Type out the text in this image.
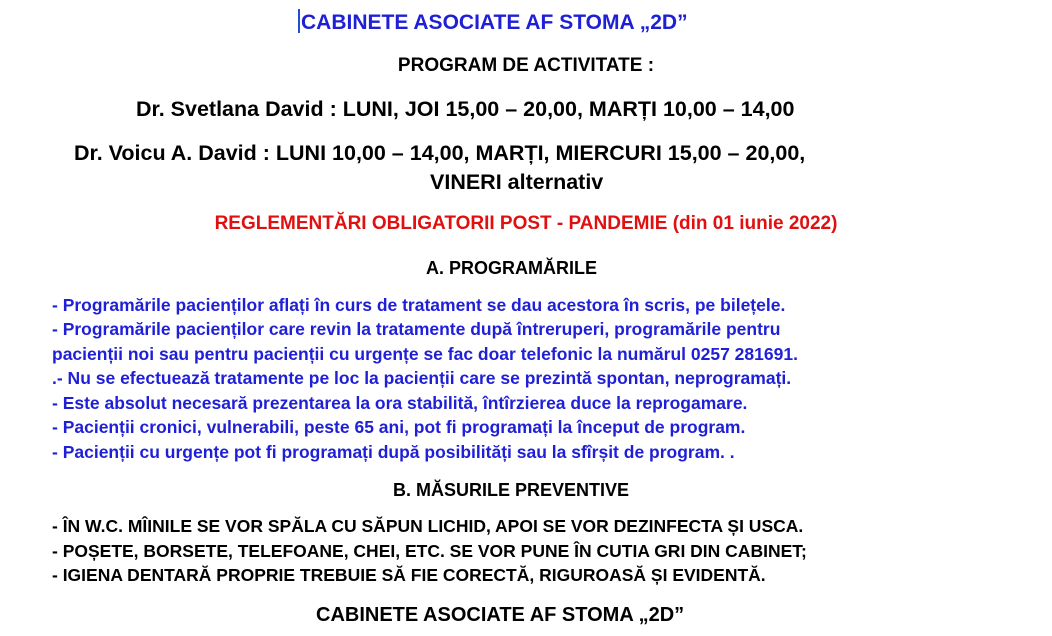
CABINETE ASOCIATE AF STOMA „2D”
PROGRAM DE ACTIVITATE :
Dr. Svetlana David : LUNI, JOI 15,00 – 20,00, MARȚI 10,00 – 14,00
Dr. Voicu A. David : LUNI 10,00 – 14,00, MARȚI, MIERCURI 15,00 – 20,00,
VINERI alternativ
REGLEMENTĂRI OBLIGATORII POST - PANDEMIE (din 01 iunie 2022)
A. PROGRAMĂRILE
- Programările pacienților aflați în curs de tratament se dau acestora în scris, pe bilețele.
- Programările pacienților care revin la tratamente după întreruperi, programările pentru
pacienții noi sau pentru pacienții cu urgențe se fac doar telefonic la numărul 0257 281691.
.- Nu se efectuează tratamente pe loc la pacienții care se prezintă spontan, neprogramați.
- Este absolut necesară prezentarea la ora stabilită, întîrzierea duce la reprogamare.
- Pacienții cronici, vulnerabili, peste 65 ani, pot fi programați la început de program.
- Pacienții cu urgențe pot fi programați după posibilități sau la sfîrșit de program. .
B. MĂSURILE PREVENTIVE
- ÎN W.C. MÎINILE SE VOR SPĂLA CU SĂPUN LICHID, APOI SE VOR DEZINFECTA ȘI USCA.
- POȘETE, BORSETE, TELEFOANE, CHEI, ETC. SE VOR PUNE ÎN CUTIA GRI DIN CABINET;
- IGIENA DENTARĂ PROPRIE TREBUIE SĂ FIE CORECTĂ, RIGUROASĂ ȘI EVIDENTĂ.
CABINETE ASOCIATE AF STOMA „2D”
